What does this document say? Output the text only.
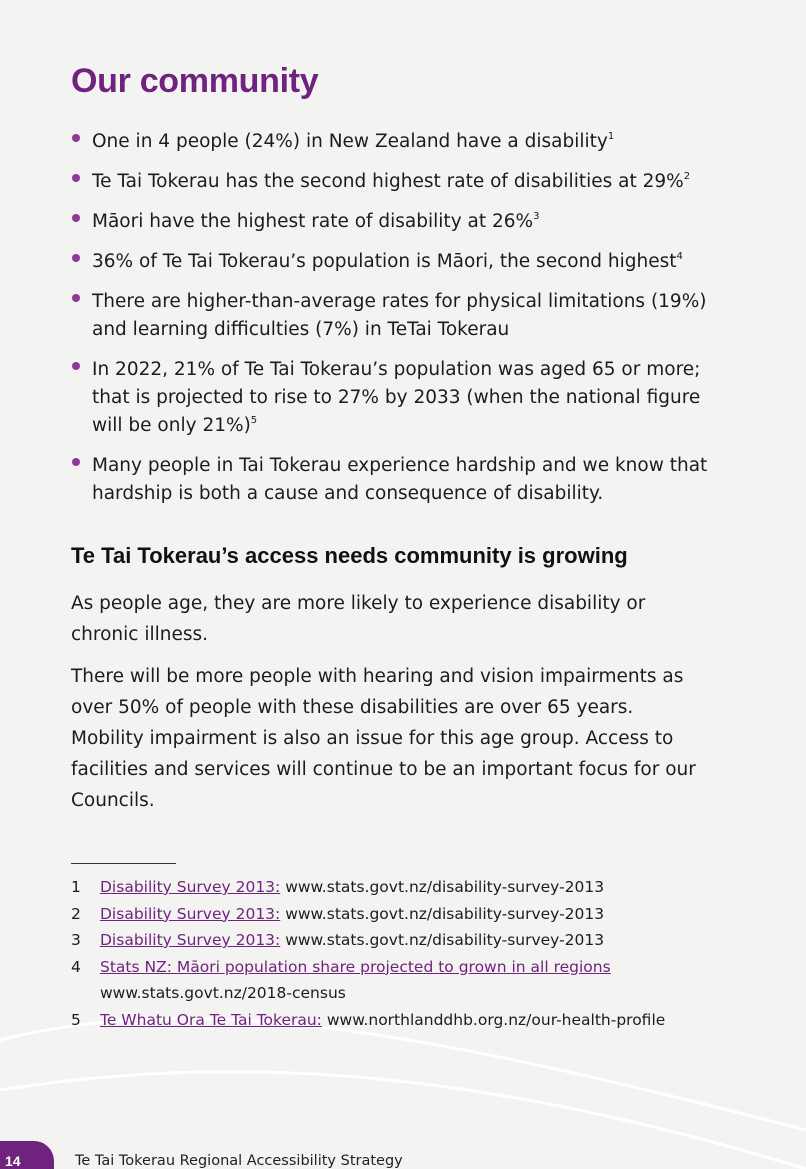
Our community
One in 4 people (24%) in New Zealand have a disability$^1$
Te Tai Tokerau has the second highest rate of disabilities at 29%$^2$
Māori have the highest rate of disability at 26%$^3$
36% of Te Tai Tokerau’s population is Māori, the second highest$^4$
There are higher-than-average rates for physical limitations (19%) and learning difficulties (7%) in TeTai Tokerau
In 2022, 21% of Te Tai Tokerau’s population was aged 65 or more; that is projected to rise to 27% by 2033 (when the national figure will be only 21%)$^5$
Many people in Tai Tokerau experience hardship and we know that hardship is both a cause and consequence of disability.
Te Tai Tokerau’s access needs community is growing

As people age, they are more likely to experience disability or chronic illness.

There will be more people with hearing and vision impairments as over 50% of people with these disabilities are over 65 years. Mobility impairment is also an issue for this age group. Access to facilities and services will continue to be an important focus for our Councils.

1 Disability Survey 2013: www.stats.govt.nz/disability-survey-2013
2 Disability Survey 2013: www.stats.govt.nz/disability-survey-2013
3 Disability Survey 2013: www.stats.govt.nz/disability-survey-2013
4 Stats NZ: Māori population share projected to grown in all regions
www.stats.govt.nz/2018-census
5 Te Whatu Ora Te Tai Tokerau: www.northlanddhb.org.nz/our-health-profile
14	Te Tai Tokerau Regional Accessibility Strategy
